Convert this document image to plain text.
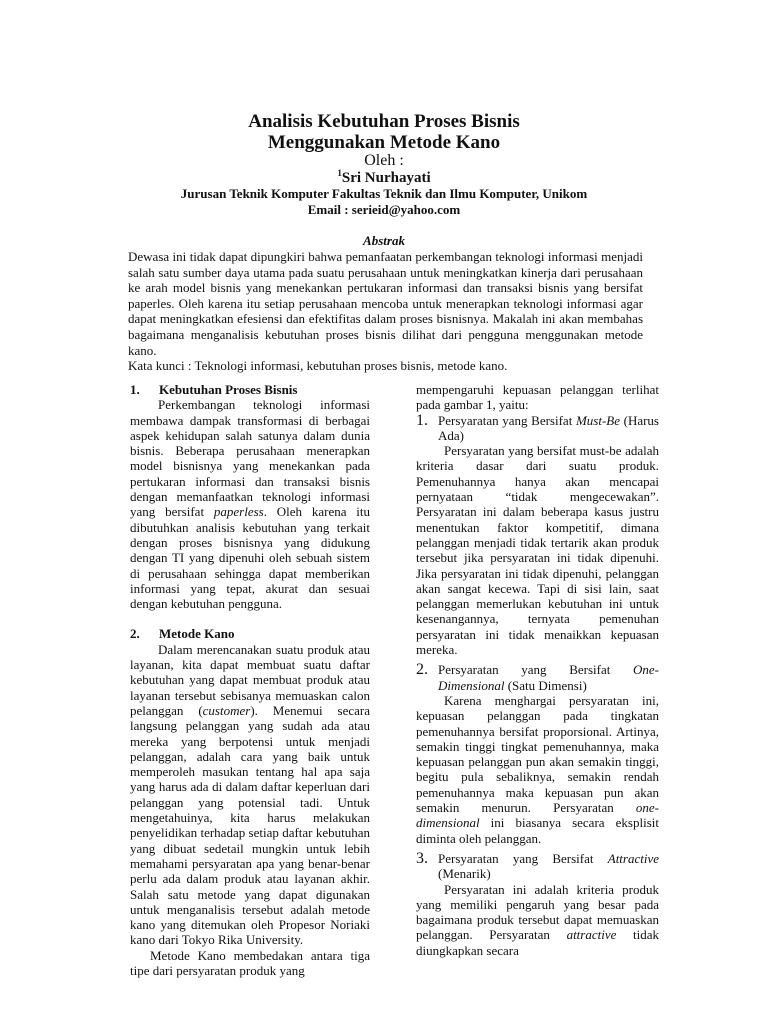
Analisis Kebutuhan Proses Bisnis
Menggunakan Metode Kano
Oleh :
$^1$Sri Nurhayati
Jurusan Teknik Komputer Fakultas Teknik dan Ilmu Komputer, Unikom
Email : serieid@yahoo.com
Abstrak

Dewasa ini tidak dapat dipungkiri bahwa pemanfaatan perkembangan teknologi informasi menjadi salah satu sumber daya utama pada suatu perusahaan untuk meningkatkan kinerja dari perusahaan ke arah model bisnis yang menekankan pertukaran informasi dan transaksi bisnis yang bersifat paperles. Oleh karena itu setiap perusahaan mencoba untuk menerapkan teknologi informasi agar dapat meningkatkan efesiensi dan efektifitas dalam proses bisnisnya. Makalah ini akan membahas bagaimana menganalisis kebutuhan proses bisnis dilihat dari pengguna menggunakan metode kano.

Kata kunci : Teknologi informasi, kebutuhan proses bisnis, metode kano.

1.	Kebutuhan Proses Bisnis

Perkembangan teknologi informasi membawa dampak transformasi di berbagai aspek kehidupan salah satunya dalam dunia bisnis. Beberapa perusahaan menerapkan model bisnisnya yang menekankan pada pertukaran informasi dan transaksi bisnis dengan memanfaatkan teknologi informasi yang bersifat paperless. Oleh karena itu dibutuhkan analisis kebutuhan yang terkait dengan proses bisnisnya yang didukung dengan TI yang dipenuhi oleh sebuah sistem di perusahaan sehingga dapat memberikan informasi yang tepat, akurat dan sesuai dengan kebutuhan pengguna.

2.	Metode Kano

Dalam merencanakan suatu produk atau layanan, kita dapat membuat suatu daftar kebutuhan yang dapat membuat produk atau layanan tersebut sebisanya memuaskan calon pelanggan (customer). Menemui secara langsung pelanggan yang sudah ada atau mereka yang berpotensi untuk menjadi pelanggan, adalah cara yang baik untuk memperoleh masukan tentang hal apa saja yang harus ada di dalam daftar keperluan dari pelanggan yang potensial tadi. Untuk mengetahuinya, kita harus melakukan penyelidikan terhadap setiap daftar kebutuhan yang dibuat sedetail mungkin untuk lebih memahami persyaratan apa yang benar-benar perlu ada dalam produk atau layanan akhir. Salah satu metode yang dapat digunakan untuk menganalisis tersebut adalah metode kano yang ditemukan oleh Propesor Noriaki kano dari Tokyo Rika University.

Metode Kano membedakan antara tiga tipe dari persyaratan produk yang

mempengaruhi kepuasan pelanggan terlihat pada gambar 1, yaitu:

1. Persyaratan yang Bersifat Must-Be (Harus Ada)

Persyaratan yang bersifat must-be adalah kriteria dasar dari suatu produk. Pemenuhannya hanya akan mencapai pernyataan “tidak mengecewakan”. Persyaratan ini dalam beberapa kasus justru menentukan faktor kompetitif, dimana pelanggan menjadi tidak tertarik akan produk tersebut jika persyaratan ini tidak dipenuhi. Jika persyaratan ini tidak dipenuhi, pelanggan akan sangat kecewa. Tapi di sisi lain, saat pelanggan memerlukan kebutuhan ini untuk kesenangannya, ternyata pemenuhan persyaratan ini tidak menaikkan kepuasan mereka.

2. Persyaratan yang Bersifat One-Dimensional (Satu Dimensi)

Karena menghargai persyaratan ini, kepuasan pelanggan pada tingkatan pemenuhannya bersifat proporsional. Artinya, semakin tinggi tingkat pemenuhannya, maka kepuasan pelanggan pun akan semakin tinggi, begitu pula sebaliknya, semakin rendah pemenuhannya maka kepuasan pun akan semakin menurun. Persyaratan one-dimensional ini biasanya secara eksplisit diminta oleh pelanggan.

3. Persyaratan yang Bersifat Attractive (Menarik)

Persyaratan ini adalah kriteria produk yang memiliki pengaruh yang besar pada bagaimana produk tersebut dapat memuaskan pelanggan. Persyaratan attractive tidak diungkapkan secara
